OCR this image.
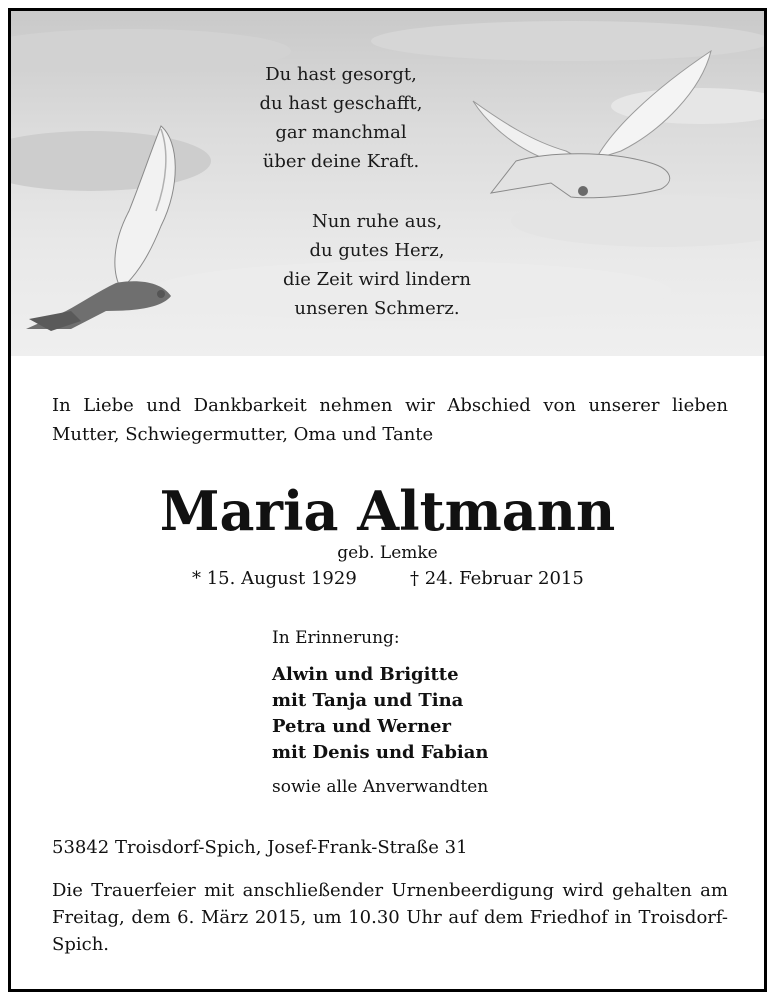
Du hast gesorgt,
du hast geschafft,
gar manchmal
über deine Kraft.
Nun ruhe aus,
du gutes Herz,
die Zeit wird lindern
unseren Schmerz.
In Liebe und Dankbarkeit nehmen wir Abschied von unserer lieben
Mutter, Schwiegermutter, Oma und Tante
Maria Altmann
geb. Lemke
* 15. August 1929	† 24. Februar 2015
In Erinnerung:
Alwin und Brigitte
mit Tanja und Tina
Petra und Werner
mit Denis und Fabian
sowie alle Anverwandten
53842 Troisdorf-Spich, Josef-Frank-Straße 31
Die Trauerfeier mit anschließender Urnenbeerdigung wird gehalten am Freitag, dem 6. März 2015, um 10.30 Uhr auf dem Friedhof in Troisdorf-Spich.
